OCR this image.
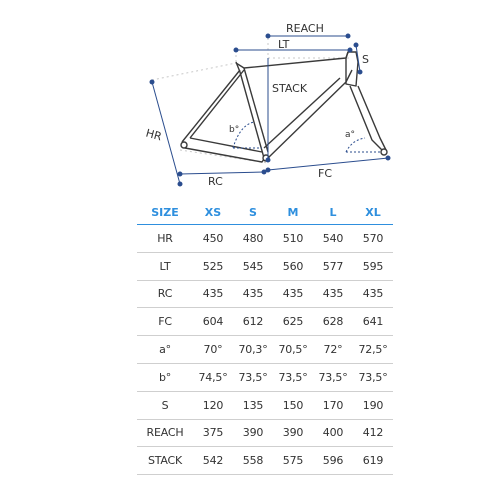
REACH
LT
S
STACK
HR
RC
FC
b°	a°
SIZE	XS	S	M	L	XL
HR	450	480	510	540	570
LT	525	545	560	577	595
RC	435	435	435	435	435
FC	604	612	625	628	641
a°	70°	70,3°	70,5°	72°	72,5°
b°	74,5°	73,5°	73,5°	73,5°	73,5°
S	120	135	150	170	190
REACH	375	390	390	400	412
STACK	542	558	575	596	619
